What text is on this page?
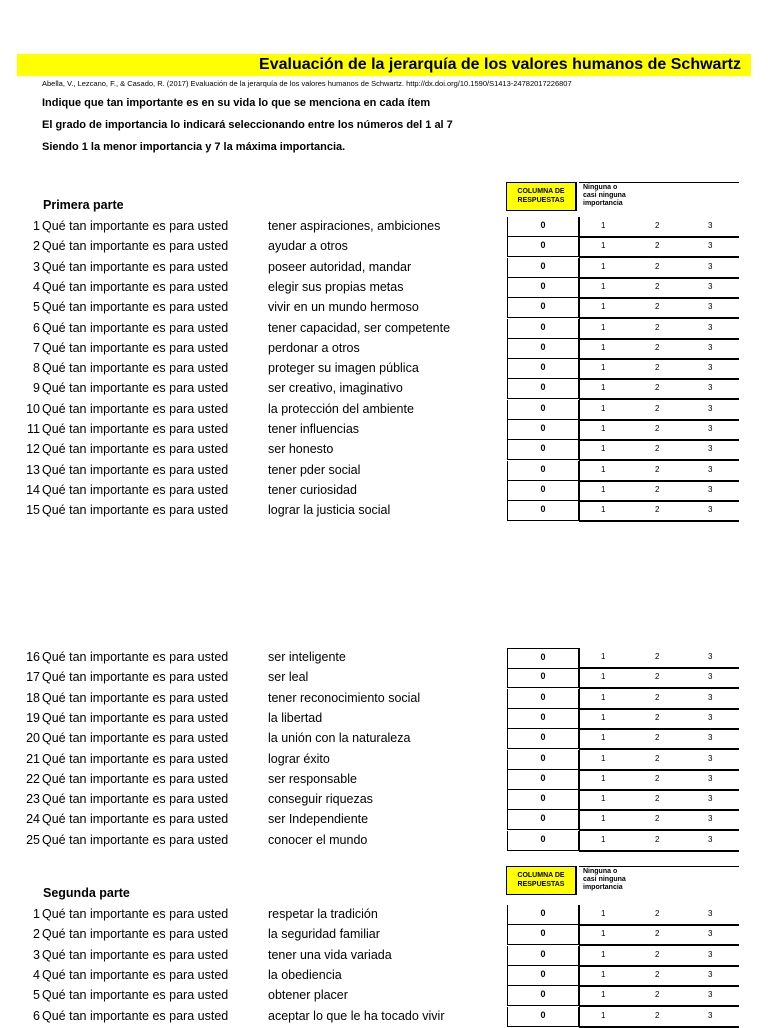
Evaluación de la jerarquía de los valores humanos de Schwartz
Abella, V., Lezcano, F., & Casado, R. (2017) Evaluación de la jerarquía de los valores humanos de Schwartz. http://dx.doi.org/10.1590/S1413-24782017226807
Indique que tan importante es en su vida lo que se menciona en cada ítem
El grado de importancia lo indicará seleccionando entre los números del 1 al 7
Siendo 1 la menor importancia y 7 la máxima importancia.
Primera parte
Segunda parte
COLUMNA DE RESPUESTAS
Ninguna o
casi ninguna
importancia
1 Qué tan importante es para usted	tener aspiraciones, ambiciones	0	1	2	3
2 Qué tan importante es para usted	ayudar a otros	0	1	2	3
3 Qué tan importante es para usted	poseer autoridad, mandar	0	1	2	3
4 Qué tan importante es para usted	elegir sus propias metas	0	1	2	3
5 Qué tan importante es para usted	vivir en un mundo hermoso	0	1	2	3
6 Qué tan importante es para usted	tener capacidad, ser competente	0	1	2	3
7 Qué tan importante es para usted	perdonar a otros	0	1	2	3
8 Qué tan importante es para usted	proteger su imagen pública	0	1	2	3
9 Qué tan importante es para usted	ser creativo, imaginativo	0	1	2	3
10 Qué tan importante es para usted	la protección del ambiente	0	1	2	3
11 Qué tan importante es para usted	tener influencias	0	1	2	3
12 Qué tan importante es para usted	ser honesto	0	1	2	3
13 Qué tan importante es para usted	tener pder social	0	1	2	3
14 Qué tan importante es para usted	tener curiosidad	0	1	2	3
15 Qué tan importante es para usted	lograr la justicia social	0	1	2	3
16 Qué tan importante es para usted	ser inteligente	0	1	2	3
17 Qué tan importante es para usted	ser leal	0	1	2	3
18 Qué tan importante es para usted	tener reconocimiento social	0	1	2	3
19 Qué tan importante es para usted	la libertad	0	1	2	3
20 Qué tan importante es para usted	la unión con la naturaleza	0	1	2	3
21 Qué tan importante es para usted	lograr éxito	0	1	2	3
22 Qué tan importante es para usted	ser responsable	0	1	2	3
23 Qué tan importante es para usted	conseguir riquezas	0	1	2	3
24 Qué tan importante es para usted	ser Independiente	0	1	2	3
25 Qué tan importante es para usted	conocer el mundo	0	1	2	3
COLUMNA DE RESPUESTAS
Ninguna o
casi ninguna
importancia
1 Qué tan importante es para usted	respetar la tradición	0	1	2	3
2 Qué tan importante es para usted	la seguridad familiar	0	1	2	3
3 Qué tan importante es para usted	tener una vida variada	0	1	2	3
4 Qué tan importante es para usted	la obediencia	0	1	2	3
5 Qué tan importante es para usted	obtener placer	0	1	2	3
6 Qué tan importante es para usted	aceptar lo que le ha tocado vivir	0	1	2	3
